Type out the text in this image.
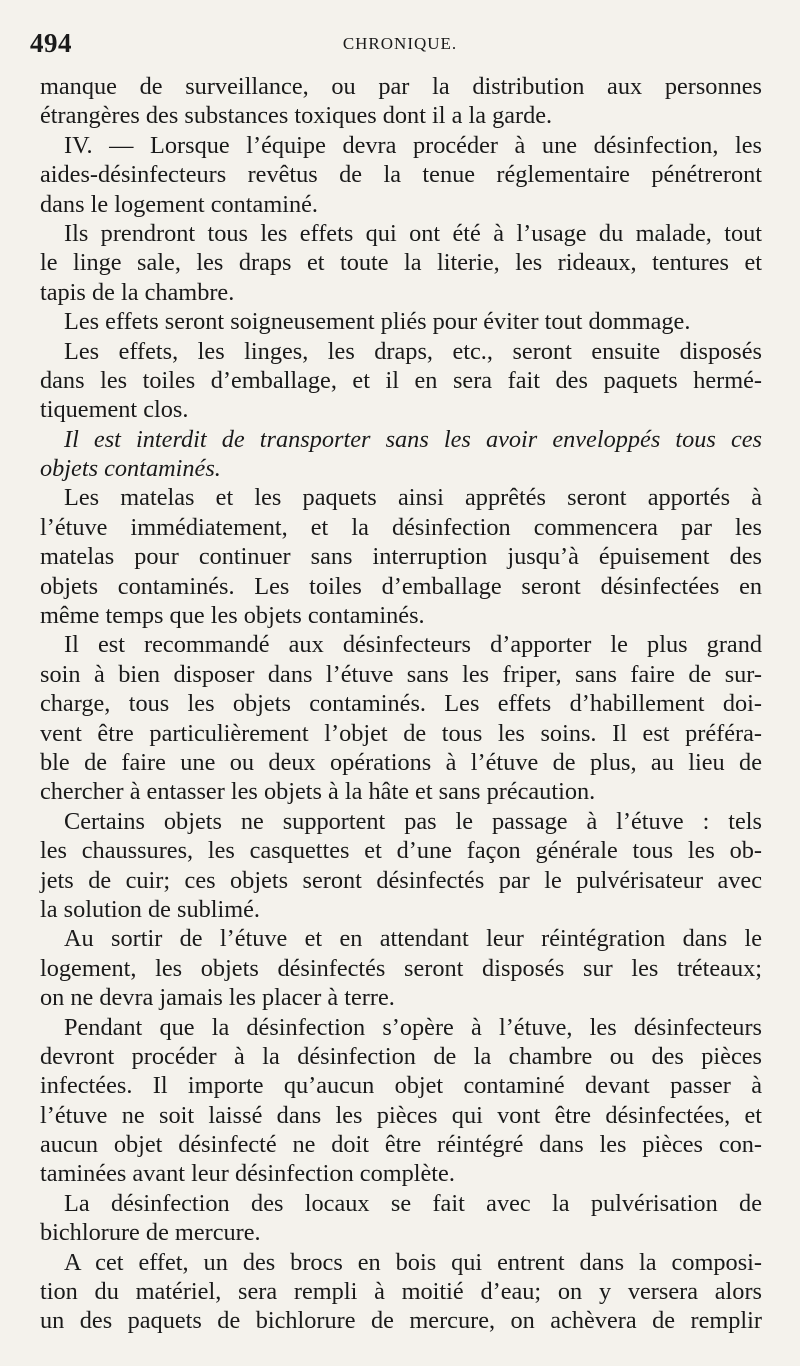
494	CHRONIQUE.
manque de surveillance, ou par la distribution aux personnes
étrangères des substances toxiques dont il a la garde.
IV. — Lorsque l’équipe devra procéder à une désinfection, les
aides-désinfecteurs revêtus de la tenue réglementaire pénétreront
dans le logement contaminé.
Ils prendront tous les effets qui ont été à l’usage du malade, tout
le linge sale, les draps et toute la literie, les rideaux, tentures et
tapis de la chambre.
Les effets seront soigneusement pliés pour éviter tout dommage.
Les effets, les linges, les draps, etc., seront ensuite disposés
dans les toiles d’emballage, et il en sera fait des paquets hermé-
tiquement clos.
Il est interdit de transporter sans les avoir enveloppés tous ces
objets contaminés.
Les matelas et les paquets ainsi apprêtés seront apportés à
l’étuve immédiatement, et la désinfection commencera par les
matelas pour continuer sans interruption jusqu’à épuisement des
objets contaminés. Les toiles d’emballage seront désinfectées en
même temps que les objets contaminés.
Il est recommandé aux désinfecteurs d’apporter le plus grand
soin à bien disposer dans l’étuve sans les friper, sans faire de sur-
charge, tous les objets contaminés. Les effets d’habillement doi-
vent être particulièrement l’objet de tous les soins. Il est préféra-
ble de faire une ou deux opérations à l’étuve de plus, au lieu de
chercher à entasser les objets à la hâte et sans précaution.
Certains objets ne supportent pas le passage à l’étuve : tels
les chaussures, les casquettes et d’une façon générale tous les ob-
jets de cuir; ces objets seront désinfectés par le pulvérisateur avec
la solution de sublimé.
Au sortir de l’étuve et en attendant leur réintégration dans le
logement, les objets désinfectés seront disposés sur les tréteaux;
on ne devra jamais les placer à terre.
Pendant que la désinfection s’opère à l’étuve, les désinfecteurs
devront procéder à la désinfection de la chambre ou des pièces
infectées. Il importe qu’aucun objet contaminé devant passer à
l’étuve ne soit laissé dans les pièces qui vont être désinfectées, et
aucun objet désinfecté ne doit être réintégré dans les pièces con-
taminées avant leur désinfection complète.
La désinfection des locaux se fait avec la pulvérisation de
bichlorure de mercure.
A cet effet, un des brocs en bois qui entrent dans la composi-
tion du matériel, sera rempli à moitié d’eau; on y versera alors
un des paquets de bichlorure de mercure, on achèvera de remplir
